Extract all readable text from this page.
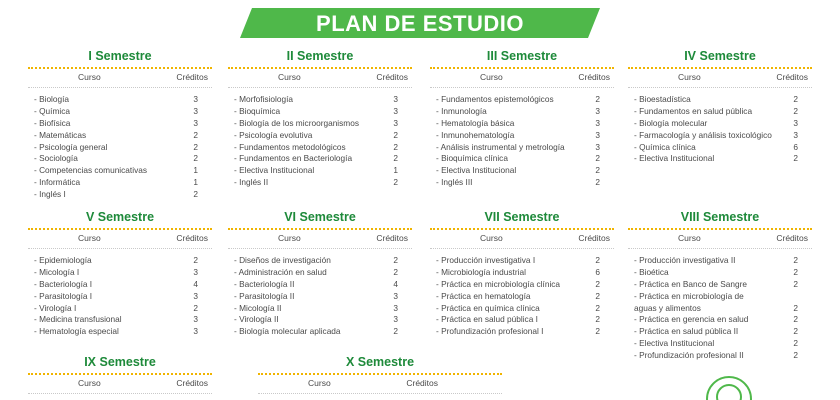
PLAN DE ESTUDIO
I Semestre
Curso	Créditos
- Biología	3
- Química	3
- Biofísica	3
- Matemáticas	2
- Psicología general	2
- Sociología	2
- Competencias comunicativas	1
- Informática	1
- Inglés I	2
II Semestre
Curso	Créditos
- Morfofisiología	3
- Bioquímica	3
- Biología de los microorganismos	3
- Psicología evolutiva	2
- Fundamentos metodológicos	2
- Fundamentos en Bacteriología	2
- Electiva Institucional	1
- Inglés II	2
III Semestre
Curso	Créditos
- Fundamentos epistemológicos	2
- Inmunología	3
- Hematología básica	3
- Inmunohematología	3
- Análisis instrumental y metrología	3
- Bioquímica clínica	2
- Electiva Institucional	2
- Inglés III	2
IV Semestre
Curso	Créditos
- Bioestadística	2
- Fundamentos en salud pública	2
- Biología molecular	3
- Farmacología y análisis toxicológico	3
- Química clínica	6
- Electiva Institucional	2
V Semestre
Curso	Créditos
- Epidemiología	2
- Micología I	3
- Bacteriología I	4
- Parasitología I	3
- Virología I	2
- Medicina transfusional	3
- Hematología especial	3
VI Semestre
Curso	Créditos
- Diseños de investigación	2
- Administración en salud	2
- Bacteriología II	4
- Parasitología II	3
- Micología II	3
- Virología II	3
- Biología molecular aplicada	2
VII Semestre
Curso	Créditos
- Producción investigativa I	2
- Microbiología industrial	6
- Práctica en microbiología clínica	2
- Práctica en hematología	2
- Práctica en química clínica	2
- Práctica en salud pública I	2
- Profundización profesional I	2
VIII Semestre
Curso	Créditos
- Producción investigativa II	2
- Bioética	2
- Práctica en Banco de Sangre	2
- Práctica en microbiología de
aguas y alimentos	2
- Práctica en gerencia en salud	2
- Práctica en salud pública II	2
- Electiva Institucional	2
- Profundización profesional II	2
IX Semestre
Curso	Créditos
X Semestre
Curso	Créditos
